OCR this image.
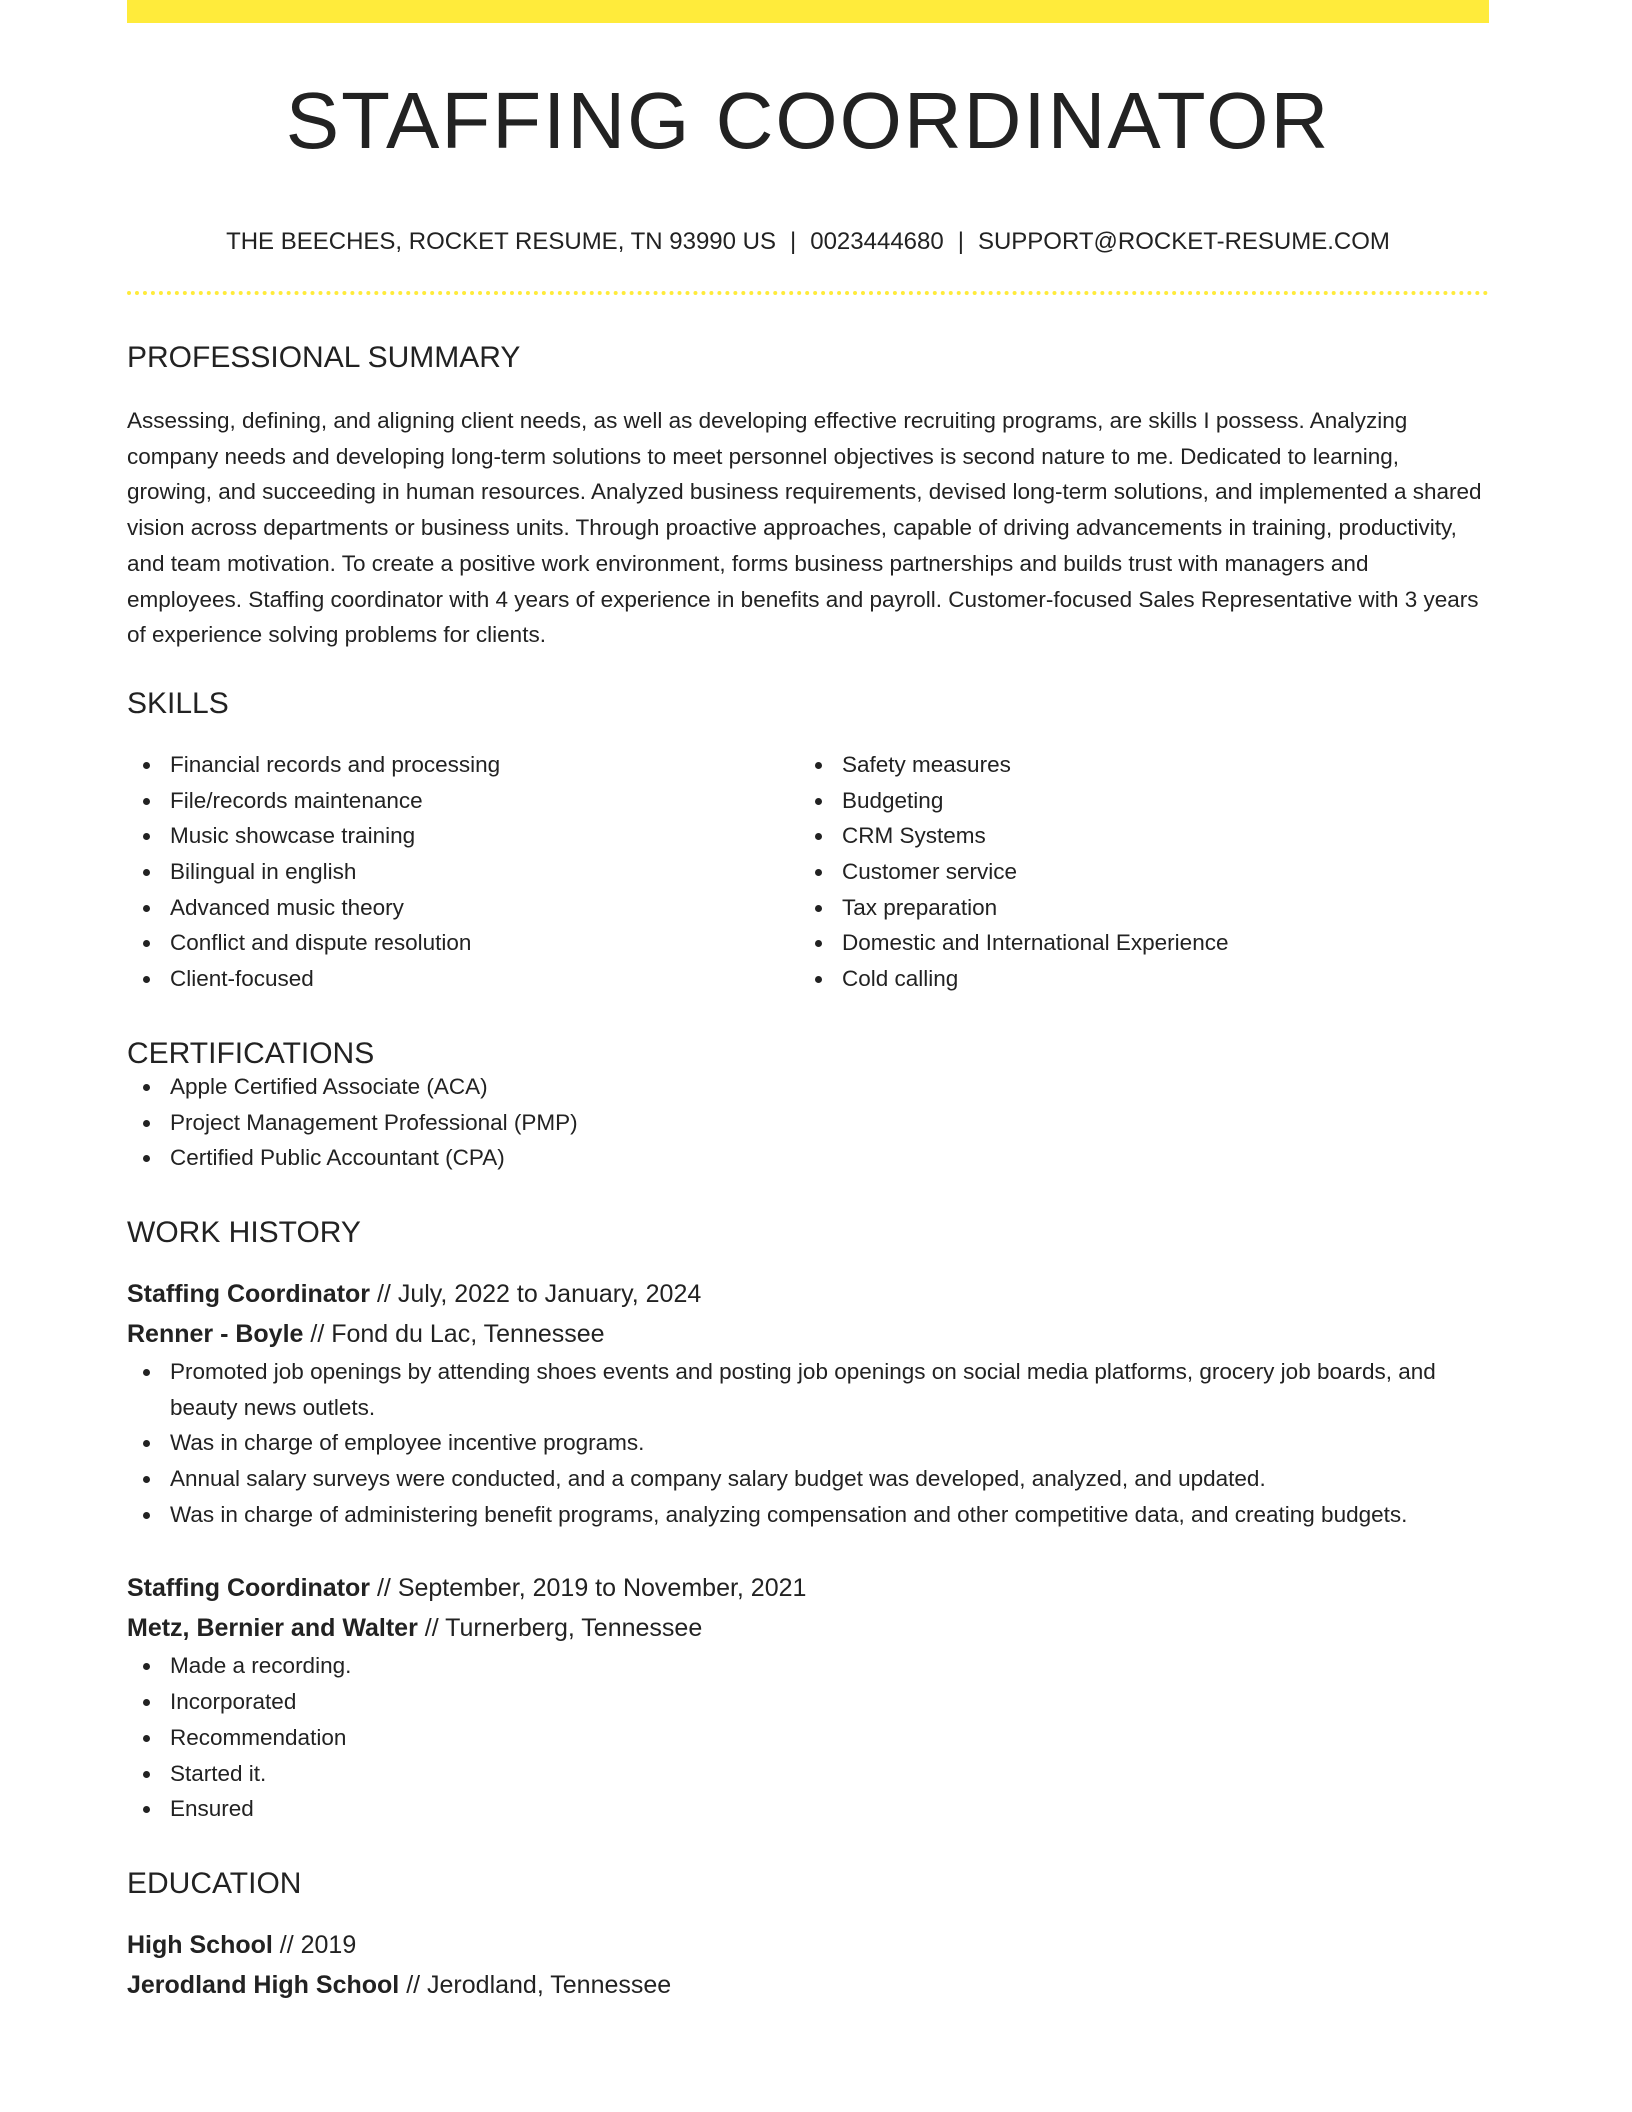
STAFFING COORDINATOR
THE BEECHES, ROCKET RESUME, TN 93990 US | 0023444680 | SUPPORT@ROCKET-RESUME.COM
PROFESSIONAL SUMMARY

Assessing, defining, and aligning client needs, as well as developing effective recruiting programs, are skills I possess. Analyzing company needs and developing long-term solutions to meet personnel objectives is second nature to me. Dedicated to learning, growing, and succeeding in human resources. Analyzed business requirements, devised long-term solutions, and implemented a shared vision across departments or business units. Through proactive approaches, capable of driving advancements in training, productivity, and team motivation. To create a positive work environment, forms business partnerships and builds trust with managers and employees. Staffing coordinator with 4 years of experience in benefits and payroll. Customer-focused Sales Representative with 3 years of experience solving problems for clients.

SKILLS
Financial records and processing
File/records maintenance
Music showcase training
Bilingual in english
Advanced music theory
Conflict and dispute resolution
Client-focused
Safety measures
Budgeting
CRM Systems
Customer service
Tax preparation
Domestic and International Experience
Cold calling
CERTIFICATIONS
Apple Certified Associate (ACA)
Project Management Professional (PMP)
Certified Public Accountant (CPA)
WORK HISTORY
Staffing Coordinator // July, 2022 to January, 2024
Renner - Boyle // Fond du Lac, Tennessee
Promoted job openings by attending shoes events and posting job openings on social media platforms, grocery job boards, and beauty news outlets.
Was in charge of employee incentive programs.
Annual salary surveys were conducted, and a company salary budget was developed, analyzed, and updated.
Was in charge of administering benefit programs, analyzing compensation and other competitive data, and creating budgets.
Staffing Coordinator // September, 2019 to November, 2021
Metz, Bernier and Walter // Turnerberg, Tennessee
Made a recording.
Incorporated
Recommendation
Started it.
Ensured
EDUCATION
High School // 2019
Jerodland High School // Jerodland, Tennessee
